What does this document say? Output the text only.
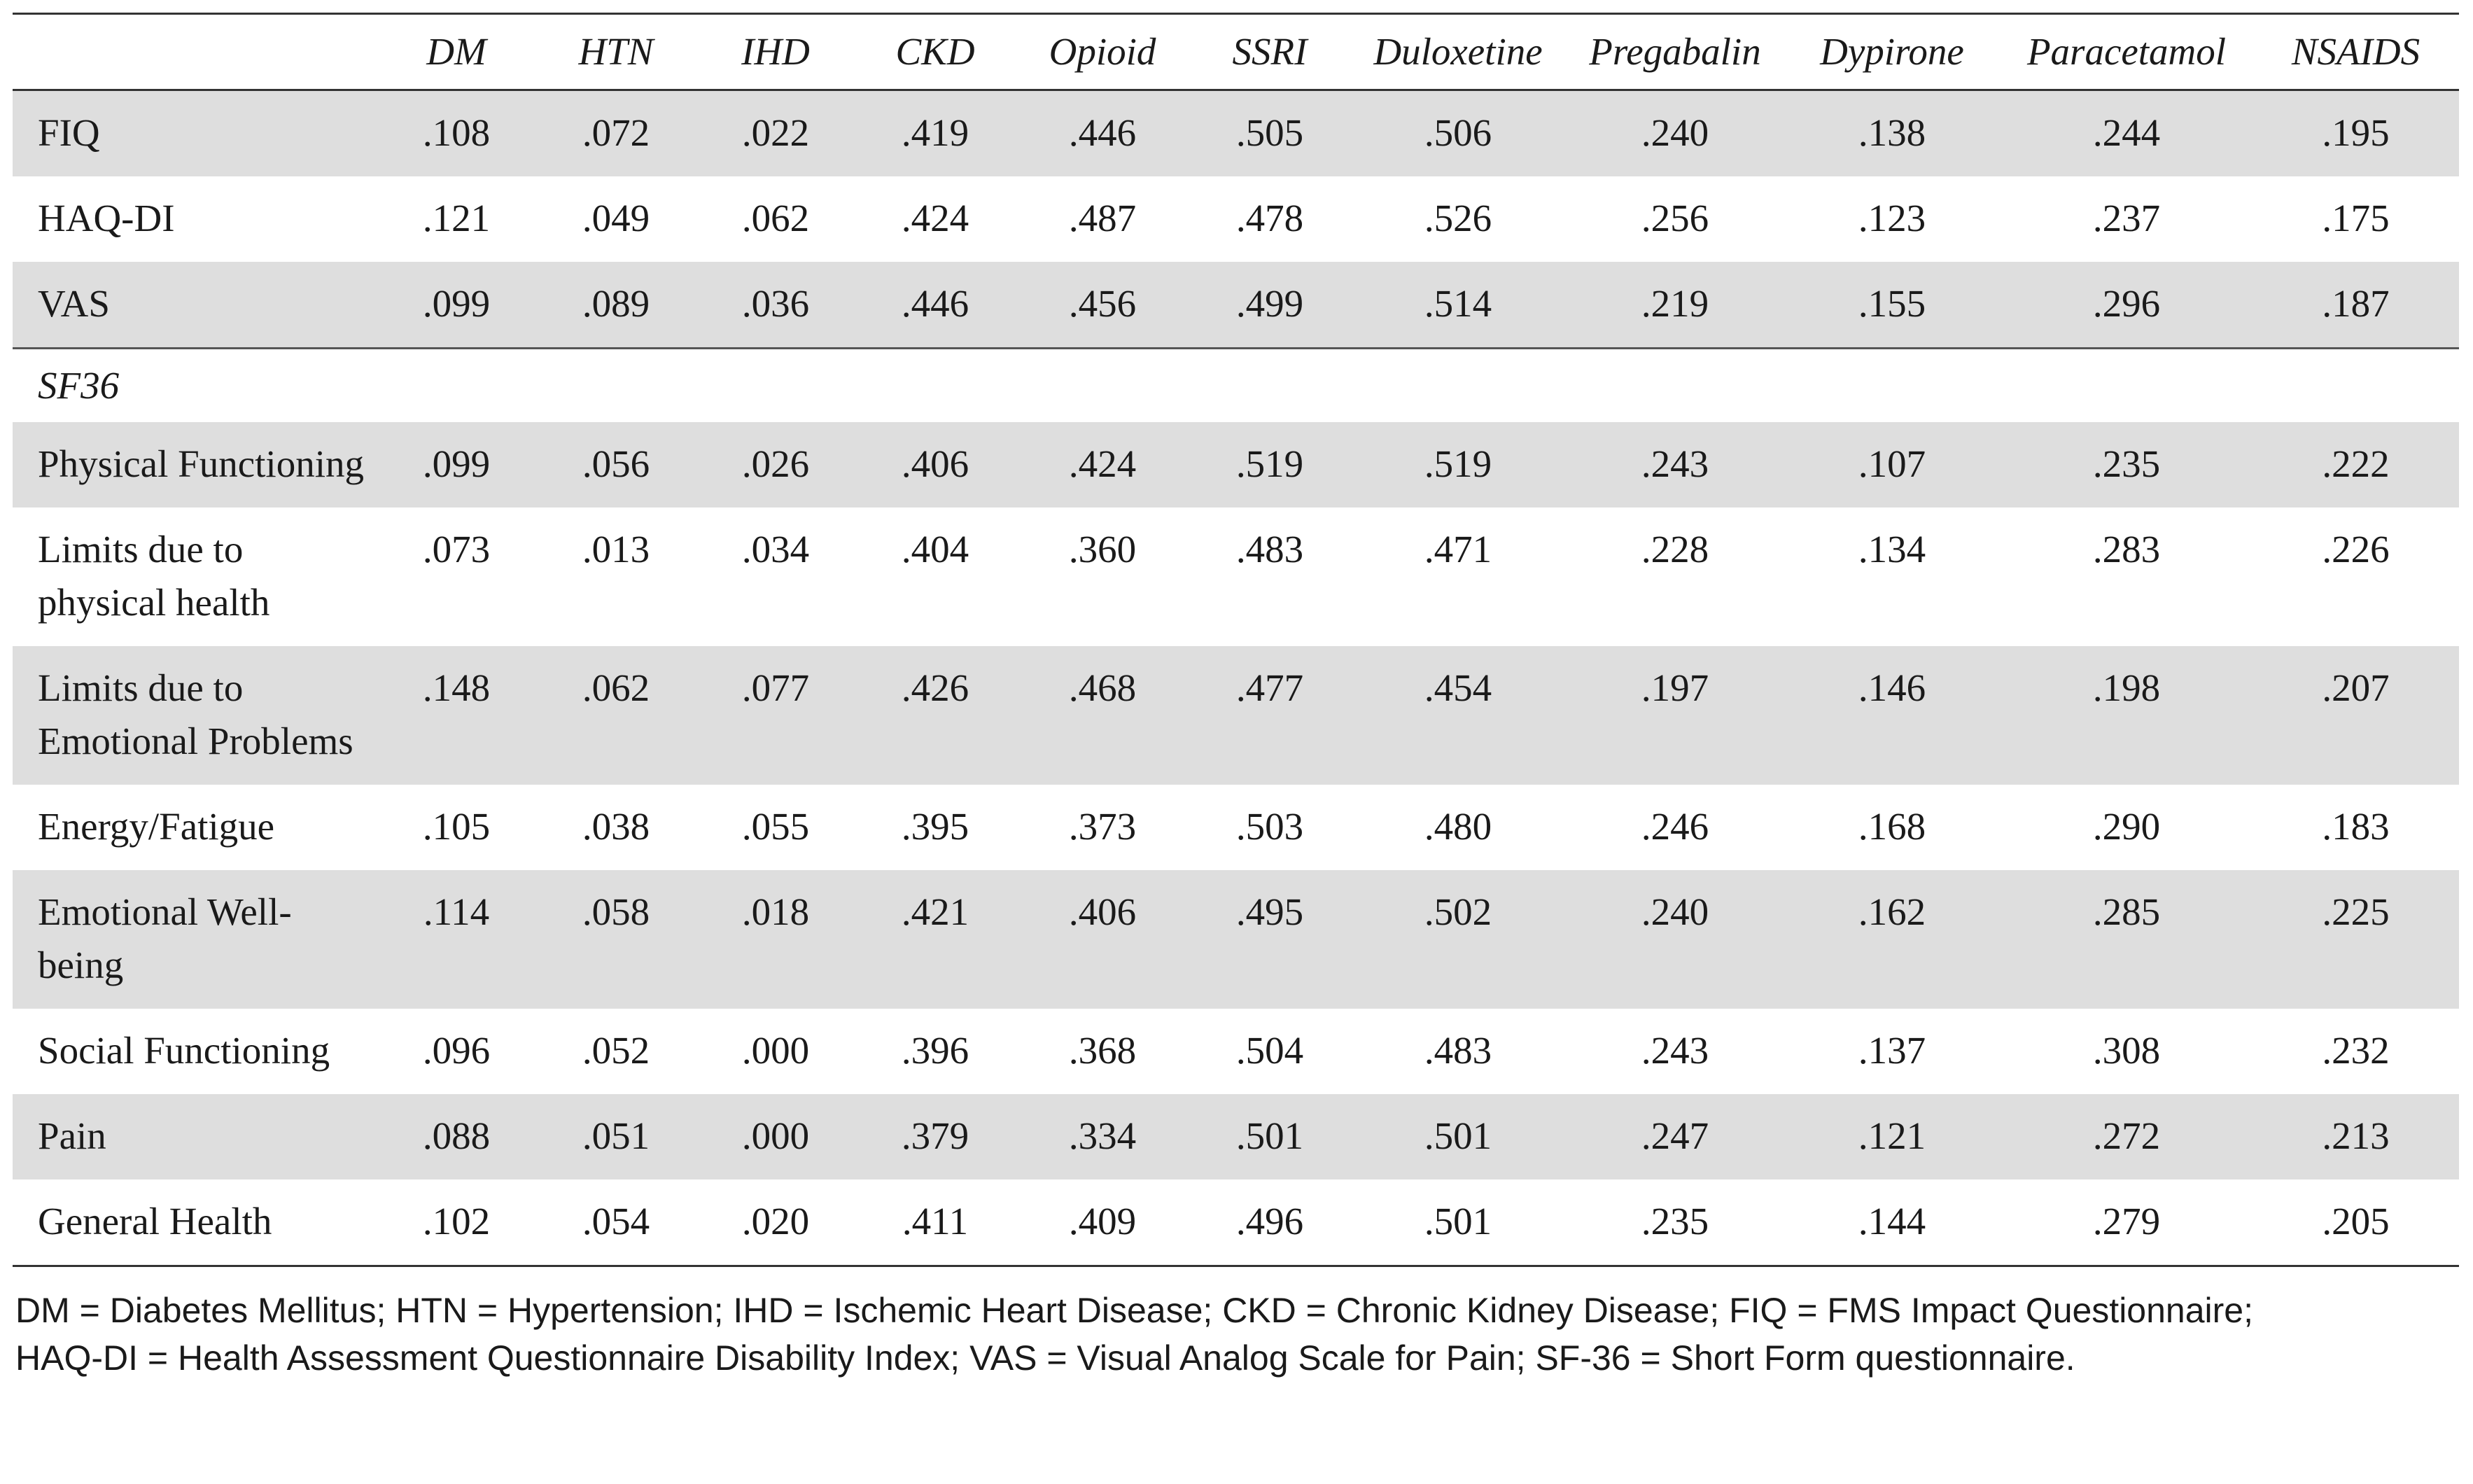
	DM	HTN	IHD	CKD	Opioid	SSRI	Duloxetine	Pregabalin	Dypirone	Paracetamol	NSAIDS
FIQ	.108	.072	.022	.419	.446	.505	.506	.240	.138	.244	.195
HAQ-DI	.121	.049	.062	.424	.487	.478	.526	.256	.123	.237	.175
VAS	.099	.089	.036	.446	.456	.499	.514	.219	.155	.296	.187
SF36											
Physical Functioning	.099	.056	.026	.406	.424	.519	.519	.243	.107	.235	.222
Limits due to physical health	.073	.013	.034	.404	.360	.483	.471	.228	.134	.283	.226
Limits due to Emotional Problems	.148	.062	.077	.426	.468	.477	.454	.197	.146	.198	.207
Energy/Fatigue	.105	.038	.055	.395	.373	.503	.480	.246	.168	.290	.183
Emotional Well-being	.114	.058	.018	.421	.406	.495	.502	.240	.162	.285	.225
Social Functioning	.096	.052	.000	.396	.368	.504	.483	.243	.137	.308	.232
Pain	.088	.051	.000	.379	.334	.501	.501	.247	.121	.272	.213
General Health	.102	.054	.020	.411	.409	.496	.501	.235	.144	.279	.205
DM = Diabetes Mellitus; HTN = Hypertension; IHD = Ischemic Heart Disease; CKD = Chronic Kidney Disease; FIQ = FMS Impact Questionnaire;
HAQ-DI = Health Assessment Questionnaire Disability Index; VAS = Visual Analog Scale for Pain; SF-36 = Short Form questionnaire.
